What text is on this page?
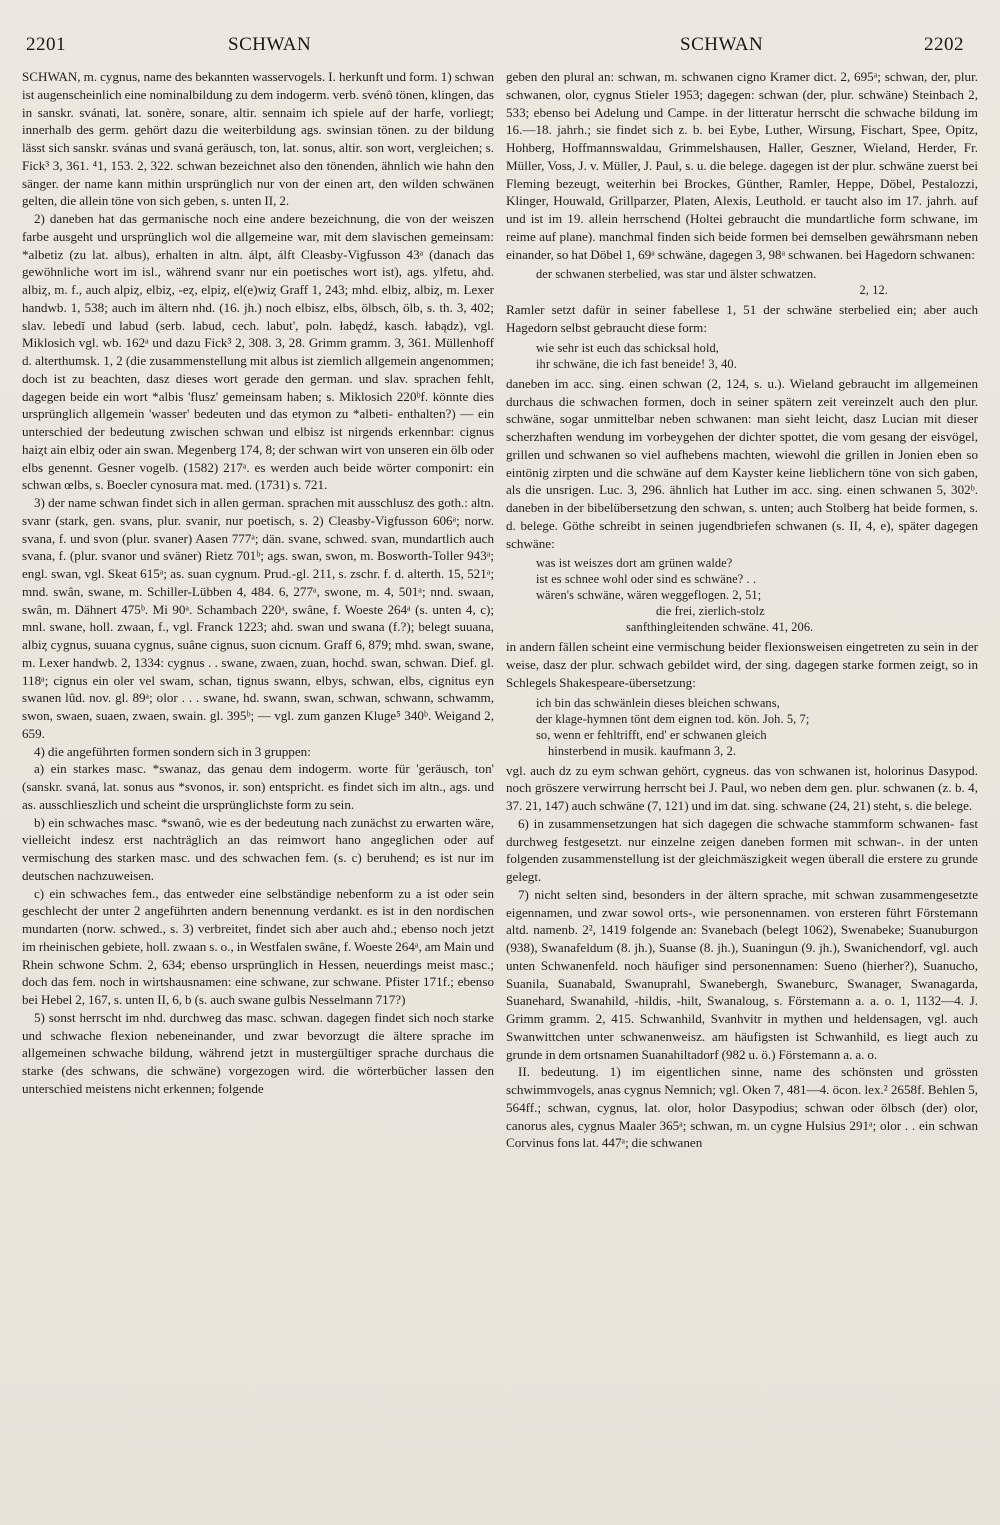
2201	SCHWAN	SCHWAN	2202

SCHWAN, m. cygnus, name des bekannten wasservogels. I. herkunft und form. 1) schwan ist augenscheinlich eine nominalbildung zu dem indogerm. verb. svénô tönen, klingen, das in sanskr. svánati, lat. sonère, sonare, altir. sennaim ich spiele auf der harfe, vorliegt; innerhalb des germ. gehört dazu die weiterbildung ags. swinsian tönen. zu der bildung lässt sich sanskr. svánas und svaná geräusch, ton, lat. sonus, altir. son wort, vergleichen; s. Fick³ 3, 361. ⁴1, 153. 2, 322. schwan bezeichnet also den tönenden, ähnlich wie hahn den sänger. der name kann mithin ursprünglich nur von der einen art, den wilden schwänen gelten, die allein töne von sich geben, s. unten II, 2.

2) daneben hat das germanische noch eine andere bezeichnung, die von der weiszen farbe ausgeht und ursprünglich wol die allgemeine war, mit dem slavischen gemeinsam: *albetiz (zu lat. albus), erhalten in altn. álpt, álft Cleasby-Vigfusson 43ᵃ (danach das gewöhnliche wort im isl., während svanr nur ein poetisches wort ist), ags. ylfetu, ahd. albiȥ, m. f., auch alpiȥ, elbiȥ, -eȥ, elpiȥ, el(e)wiȥ Graff 1, 243; mhd. elbiȥ, albiȥ, m. Lexer handwb. 1, 538; auch im ältern nhd. (16. jh.) noch elbisz, elbs, ölbsch, ölb, s. th. 3, 402; slav. lebedĭ und labud (serb. labud, cech. labut', poln. łabędź, kasch. łabądz), vgl. Miklosich vgl. wb. 162ᵃ und dazu Fick³ 2, 308. 3, 28. Grimm gramm. 3, 361. Müllenhoff d. alterthumsk. 1, 2 (die zusammenstellung mit albus ist ziemlich allgemein angenommen; doch ist zu beachten, dasz dieses wort gerade den german. und slav. sprachen fehlt, dagegen beide ein wort *albis 'flusz' gemeinsam haben; s. Miklosich 220ᵇf. könnte dies ursprünglich allgemein 'wasser' bedeuten und das etymon zu *albeti- enthalten?) — ein unterschied der bedeutung zwischen schwan und elbisz ist nirgends erkennbar: cignus haiȥt ain elbiȥ oder ain swan. Megenberg 174, 8; der schwan wirt von unseren ein ölb oder elbs genennt. Gesner vogelb. (1582) 217ᵃ. es werden auch beide wörter componirt: ein schwan œlbs, s. Boecler cynosura mat. med. (1731) s. 721.

3) der name schwan findet sich in allen german. sprachen mit ausschlusz des goth.: altn. svanr (stark, gen. svans, plur. svanir, nur poetisch, s. 2) Cleasby-Vigfusson 606ᵃ; norw. svana, f. und svon (plur. svaner) Aasen 777ᵃ; dän. svane, schwed. svan, mundartlich auch svana, f. (plur. svanor und sväner) Rietz 701ᵇ; ags. swan, swon, m. Bosworth-Toller 943ᵃ; engl. swan, vgl. Skeat 615ᵃ; as. suan cygnum. Prud.-gl. 211, s. zschr. f. d. alterth. 15, 521ᵃ; mnd. swân, swane, m. Schiller-Lübben 4, 484. 6, 277ᵃ, swone, m. 4, 501ᵃ; nnd. swaan, swân, m. Dähnert 475ᵇ. Mi 90ᵃ. Schambach 220ᵃ, swâne, f. Woeste 264ᵃ (s. unten 4, c); mnl. swane, holl. zwaan, f., vgl. Franck 1223; ahd. swan und swana (f.?); belegt suuana, albiȥ cygnus, suuana cygnus, suâne cignus, suon cicnum. Graff 6, 879; mhd. swan, swane, m. Lexer handwb. 2, 1334: cygnus . . swane, zwaen, zuan, hochd. swan, schwan. Dief. gl. 118ᵃ; cignus ein oler vel swam, schan, tignus swann, elbys, schwan, elbs, cignitus eyn swanen lûd. nov. gl. 89ᵃ; olor . . . swane, hd. swann, swan, schwan, schwann, schwamm, swon, swaen, suaen, zwaen, swain. gl. 395ᵇ; — vgl. zum ganzen Kluge⁵ 340ᵇ. Weigand 2, 659.

4) die angeführten formen sondern sich in 3 gruppen:

a) ein starkes masc. *swanaz, das genau dem indogerm. worte für 'geräusch, ton' (sanskr. svaná, lat. sonus aus *svonos, ir. son) entspricht. es findet sich im altn., ags. und as. ausschlieszlich und scheint die ursprünglichste form zu sein.

b) ein schwaches masc. *swanô, wie es der bedeutung nach zunächst zu erwarten wäre, vielleicht indesz erst nachträglich an das reimwort hano angeglichen oder auf vermischung des starken masc. und des schwachen fem. (s. c) beruhend; es ist nur im deutschen nachzuweisen.

c) ein schwaches fem., das entweder eine selbständige nebenform zu a ist oder sein geschlecht der unter 2 angeführten andern benennung verdankt. es ist in den nordischen mundarten (norw. schwed., s. 3) verbreitet, findet sich aber auch ahd.; ebenso noch jetzt im rheinischen gebiete, holl. zwaan s. o., in Westfalen swâne, f. Woeste 264ᵃ, am Main und Rhein schwone Schm. 2, 634; ebenso ursprünglich in Hessen, neuerdings meist masc.; doch das fem. noch in wirtshausnamen: eine schwane, zur schwane. Pfister 171f.; ebenso bei Hebel 2, 167, s. unten II, 6, b (s. auch swane gulbis Nesselmann 717?)

5) sonst herrscht im nhd. durchweg das masc. schwan. dagegen findet sich noch starke und schwache flexion nebeneinander, und zwar bevorzugt die ältere sprache im allgemeinen schwache bildung, während jetzt in mustergültiger sprache durchaus die starke (des schwans, die schwäne) vorgezogen wird. die wörterbücher lassen den unterschied meistens nicht erkennen; folgende

geben den plural an: schwan, m. schwanen cigno Kramer dict. 2, 695ᵃ; schwan, der, plur. schwanen, olor, cygnus Stieler 1953; dagegen: schwan (der, plur. schwäne) Steinbach 2, 533; ebenso bei Adelung und Campe. in der litteratur herrscht die schwache bildung im 16.—18. jahrh.; sie findet sich z. b. bei Eybe, Luther, Wirsung, Fischart, Spee, Opitz, Hohberg, Hoffmannswaldau, Grimmelshausen, Haller, Geszner, Wieland, Herder, Fr. Müller, Voss, J. v. Müller, J. Paul, s. u. die belege. dagegen ist der plur. schwäne zuerst bei Fleming bezeugt, weiterhin bei Brockes, Günther, Ramler, Heppe, Döbel, Pestalozzi, Klinger, Houwald, Grillparzer, Platen, Alexis, Leuthold. er taucht also im 17. jahrh. auf und ist im 19. allein herrschend (Holtei gebraucht die mundartliche form schwane, im reime auf plane). manchmal finden sich beide formen bei demselben gewährsmann neben einander, so hat Döbel 1, 69ᵃ schwäne, dagegen 3, 98ᵃ schwanen. bei Hagedorn schwanen:

der schwanen sterbelied, was star und älster schwatzen.
2, 12.

Ramler setzt dafür in seiner fabellese 1, 51 der schwäne sterbelied ein; aber auch Hagedorn selbst gebraucht diese form:

wie sehr ist euch das schicksal hold,
ihr schwäne, die ich fast beneide! 3, 40.

daneben im acc. sing. einen schwan (2, 124, s. u.). Wieland gebraucht im allgemeinen durchaus die schwachen formen, doch in seiner spätern zeit vereinzelt auch den plur. schwäne, sogar unmittelbar neben schwanen: man sieht leicht, dasz Lucian mit dieser scherzhaften wendung im vorbeygehen der dichter spottet, die vom gesang der eisvögel, grillen und schwanen so viel aufhebens machten, wiewohl die grillen in Jonien eben so eintönig zirpten und die schwäne auf dem Kayster keine lieblichern töne von sich gaben, als die unsrigen. Luc. 3, 296. ähnlich hat Luther im acc. sing. einen schwanen 5, 302ᵇ. daneben in der bibelübersetzung den schwan, s. unten; auch Stolberg hat beide formen, s. d. belege. Göthe schreibt in seinen jugendbriefen schwanen (s. II, 4, e), später dagegen schwäne:

was ist weiszes dort am grünen walde?
ist es schnee wohl oder sind es schwäne? . .
wären's schwäne, wären weggeflogen. 2, 51;
die frei, zierlich-stolz
sanfthingleitenden schwäne. 41, 206.

in andern fällen scheint eine vermischung beider flexionsweisen eingetreten zu sein in der weise, dasz der plur. schwach gebildet wird, der sing. dagegen starke formen zeigt, so in Schlegels Shakespeare-übersetzung:

ich bin das schwänlein dieses bleichen schwans,
der klage-hymnen tönt dem eignen tod. kön. Joh. 5, 7;
so, wenn er fehltrifft, end' er schwanen gleich
hinsterbend in musik. kaufmann 3, 2.

vgl. auch dz zu eym schwan gehört, cygneus. das von schwanen ist, holorinus Dasypod. noch gröszere verwirrung herrscht bei J. Paul, wo neben dem gen. plur. schwanen (z. b. 4, 37. 21, 147) auch schwäne (7, 121) und im dat. sing. schwane (24, 21) steht, s. die belege.

6) in zusammensetzungen hat sich dagegen die schwache stammform schwanen- fast durchweg festgesetzt. nur einzelne zeigen daneben formen mit schwan-. in der unten folgenden zusammenstellung ist der gleichmäszigkeit wegen überall die erstere zu grunde gelegt.

7) nicht selten sind, besonders in der ältern sprache, mit schwan zusammengesetzte eigennamen, und zwar sowol orts-, wie personennamen. von ersteren führt Förstemann altd. namenb. 2², 1419 folgende an: Svanebach (belegt 1062), Swenabeke; Suanuburgon (938), Swanafeldum (8. jh.), Suanse (8. jh.), Suaningun (9. jh.), Swanichendorf, vgl. auch unten Schwanenfeld. noch häufiger sind personennamen: Sueno (hierher?), Suanucho, Suanila, Suanabald, Swanuprahl, Swanebergh, Swaneburc, Swanager, Swanagarda, Suanehard, Swanahild, -hildis, -hilt, Swanaloug, s. Förstemann a. a. o. 1, 1132—4. J. Grimm gramm. 2, 415. Schwanhild, Svanhvitr in mythen und heldensagen, vgl. auch Swanwittchen unter schwanenweisz. am häufigsten ist Schwanhild, es liegt auch zu grunde in dem ortsnamen Suanahiltadorf (982 u. ö.) Förstemann a. a. o.

II. bedeutung. 1) im eigentlichen sinne, name des schönsten und grössten schwimmvogels, anas cygnus Nemnich; vgl. Oken 7, 481—4. öcon. lex.² 2658f. Behlen 5, 564ff.; schwan, cygnus, lat. olor, holor Dasypodius; schwan oder ölbsch (der) olor, canorus ales, cygnus Maaler 365ᵃ; schwan, m. un cygne Hulsius 291ᵃ; olor . . ein schwan Corvinus fons lat. 447ᵃ; die schwanen
